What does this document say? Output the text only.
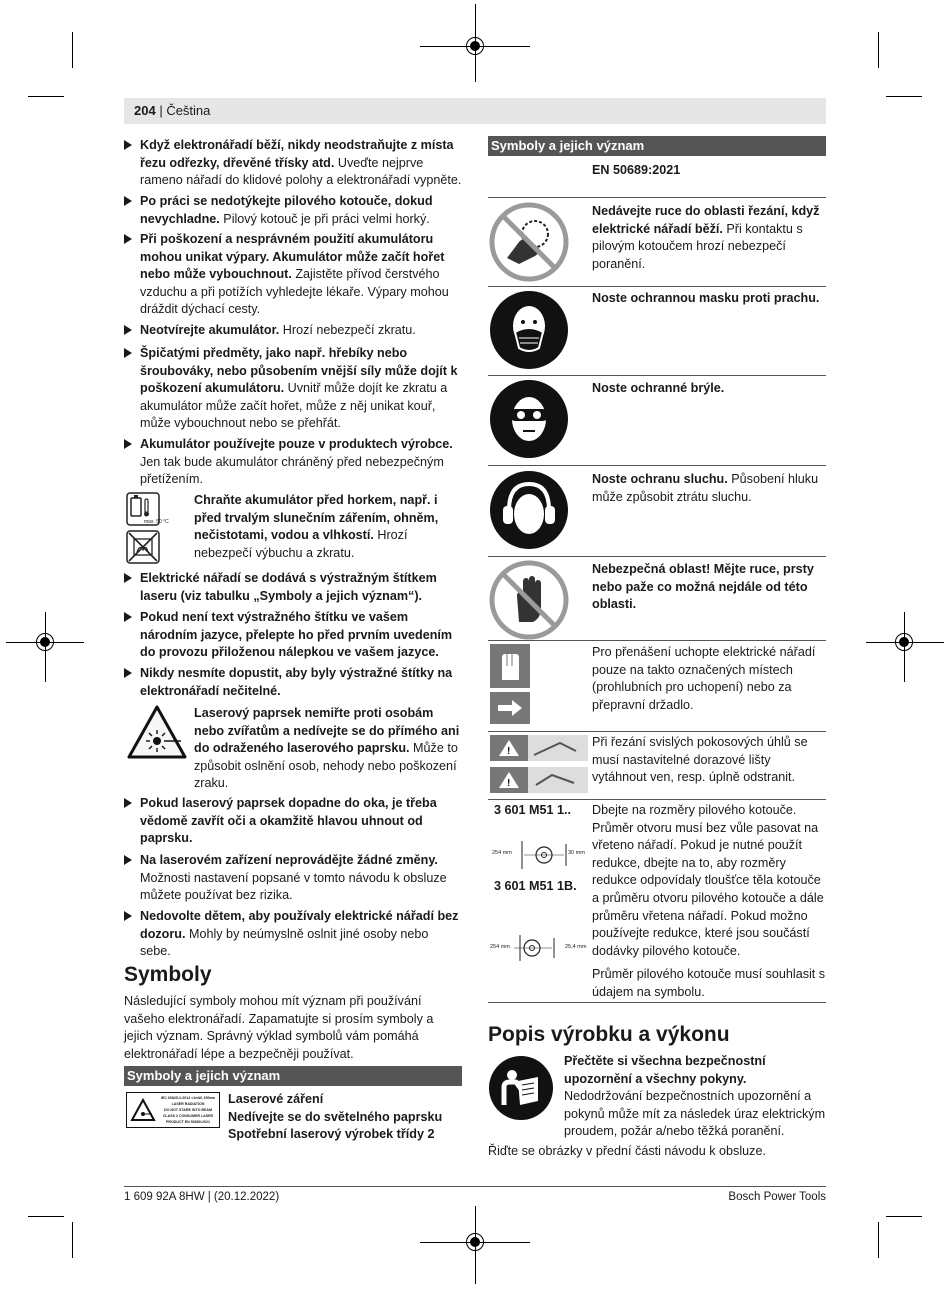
204 | Čeština
Když elektronářadí běží, nikdy neodstraňujte z místa řezu odřezky, dřevěné třísky atd. Uveďte nejprve rameno nářadí do klidové polohy a elektronářadí vypněte.
Po práci se nedotýkejte pilového kotouče, dokud nevychladne. Pilový kotouč je při práci velmi horký.
Při poškození a nesprávném použití akumulátoru mohou unikat výpary. Akumulátor může začít hořet nebo může vybouchnout. Zajistěte přívod čerstvého vzduchu a při potížích vyhledejte lékaře. Výpary mohou dráždit dýchací cesty.
Neotvírejte akumulátor. Hrozí nebezpečí zkratu.
Špičatými předměty, jako např. hřebíky nebo šroubováky, nebo působením vnější síly může dojít k poškození akumulátoru. Uvnitř může dojít ke zkratu a akumulátor může začít hořet, může z něj unikat kouř, může vybouchnout nebo se přehřát.
Akumulátor používejte pouze v produktech výrobce. Jen tak bude akumulátor chráněný před nebezpečným přetížením.
max. 50 °C
Chraňte akumulátor před horkem, např. i před trvalým slunečním zářením, ohněm, nečistotami, vodou a vlhkostí. Hrozí nebezpečí výbuchu a zkratu.
Elektrické nářadí se dodává s výstražným štítkem laseru (viz tabulku „Symboly a jejich význam“).
Pokud není text výstražného štítku ve vašem národním jazyce, přelepte ho před prvním uvedením do provozu přiloženou nálepkou ve vašem jazyce.
Nikdy nesmíte dopustit, aby byly výstražné štítky na elektronářadí nečitelné.
Laserový paprsek nemiřte proti osobám nebo zvířatům a nedívejte se do přímého ani do odraženého laserového paprsku. Může to způsobit oslnění osob, nehody nebo poškození zraku.
Pokud laserový paprsek dopadne do oka, je třeba vědomě zavřít oči a okamžitě hlavou uhnout od paprsku.
Na laserovém zařízení neprovádějte žádné změny. Možnosti nastavení popsané v tomto návodu k obsluze můžete používat bez rizika.
Nedovolte dětem, aby používaly elektrické nářadí bez dozoru. Mohly by neúmyslně oslnit jiné osoby nebo sebe.
Symboly
Následující symboly mohou mít význam při používání vašeho elektronářadí. Zapamatujte si prosím symboly a jejich význam. Správný výklad symbolů vám pomáhá elektronářadí lépe a bezpečněji používat.
Symboly a jejich význam
IEC 60825-1:2014 <1mW, 650nm
LASER RADIATION
DO NOT STARE INTO BEAM
CLASS 2 CONSUMER LASER
PRODUCT EN 50689:2021
Laserové záření
Nedívejte se do světelného paprsku
Spotřební laserový výrobek třídy 2
Symboly a jejich význam
EN 50689:2021
Nedávejte ruce do oblasti řezání, když elektrické nářadí běží. Při kontaktu s pilovým kotoučem hrozí nebezpečí poranění.
Noste ochrannou masku proti prachu.
Noste ochranné brýle.
Noste ochranu sluchu. Působení hluku může způsobit ztrátu sluchu.
Nebezpečná oblast! Mějte ruce, prsty nebo paže co možná nejdále od této oblasti.
Pro přenášení uchopte elektrické nářadí pouze na takto označených místech (prohlubních pro uchopení) nebo za přepravní držadlo.
!
!
Při řezání svislých pokosových úhlů se musí nastavitelné dorazové lišty vytáhnout ven, resp. úplně odstranit.
3 601 M51 1..
254 mm	30 mm
3 601 M51 1B.
254 mm	25,4 mm
Dbejte na rozměry pilového kotouče. Průměr otvoru musí bez vůle pasovat na vřeteno nářadí. Pokud je nutné použít redukce, dbejte na to, aby rozměry redukce odpovídaly tloušťce těla kotouče a průměru otvoru pilového kotouče a dále průměru vřetena nářadí. Pokud možno používejte redukce, které jsou součástí dodávky pilového kotouče.
Průměr pilového kotouče musí souhlasit s údajem na symbolu.
Popis výrobku a výkonu
Přečtěte si všechna bezpečnostní upozornění a všechny pokyny. Nedodržování bezpečnostních upozornění a pokynů může mít za následek úraz elektrickým proudem, požár a/nebo těžká poranění.
Řiďte se obrázky v přední části návodu k obsluze.
1 609 92A 8HW | (20.12.2022)	Bosch Power Tools
